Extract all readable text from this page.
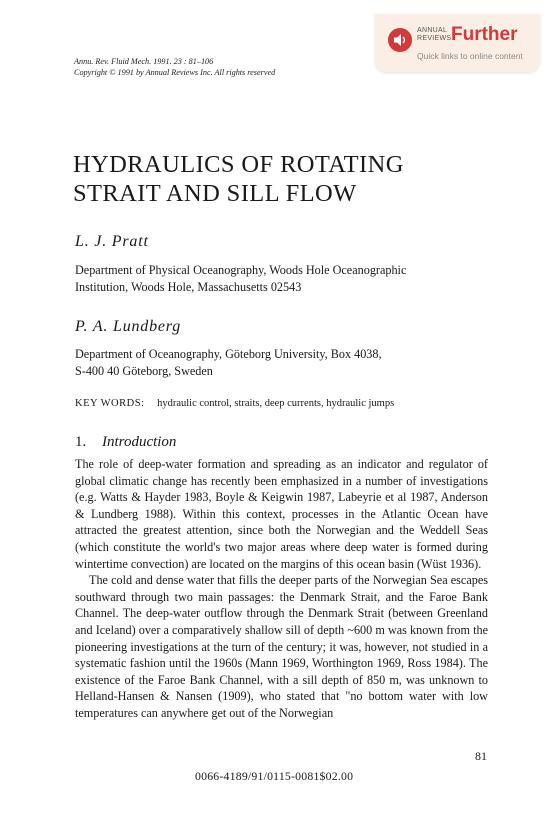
ANNUAL
REVIEWS Further
Quick links to online content
Annu. Rev. Fluid Mech. 1991. 23 : 81–106
Copyright © 1991 by Annual Reviews Inc. All rights reserved
HYDRAULICS OF ROTATING
STRAIT AND SILL FLOW
L. J. Pratt
Department of Physical Oceanography, Woods Hole Oceanographic
Institution, Woods Hole, Massachusetts 02543
P. A. Lundberg
Department of Oceanography, Göteborg University, Box 4038,
S-400 40 Göteborg, Sweden
KEY WORDS: hydraulic control, straits, deep currents, hydraulic jumps
1. Introduction

The role of deep-water formation and spreading as an indicator and regulator of global climatic change has recently been emphasized in a number of investigations (e.g. Watts & Hayder 1983, Boyle & Keigwin 1987, Labeyrie et al 1987, Anderson & Lundberg 1988). Within this context, processes in the Atlantic Ocean have attracted the greatest attention, since both the Norwegian and the Weddell Seas (which constitute the world's two major areas where deep water is formed during wintertime convection) are located on the margins of this ocean basin (Wüst 1936).

The cold and dense water that fills the deeper parts of the Norwegian Sea escapes southward through two main passages: the Denmark Strait, and the Faroe Bank Channel. The deep-water outflow through the Denmark Strait (between Greenland and Iceland) over a comparatively shallow sill of depth ~600 m was known from the pioneering investigations at the turn of the century; it was, however, not studied in a systematic fashion until the 1960s (Mann 1969, Worthington 1969, Ross 1984). The existence of the Faroe Bank Channel, with a sill depth of 850 m, was unknown to Helland-Hansen & Nansen (1909), who stated that "no bottom water with low temperatures can anywhere get out of the Norwegian

81
0066-4189/91/0115-0081$02.00
